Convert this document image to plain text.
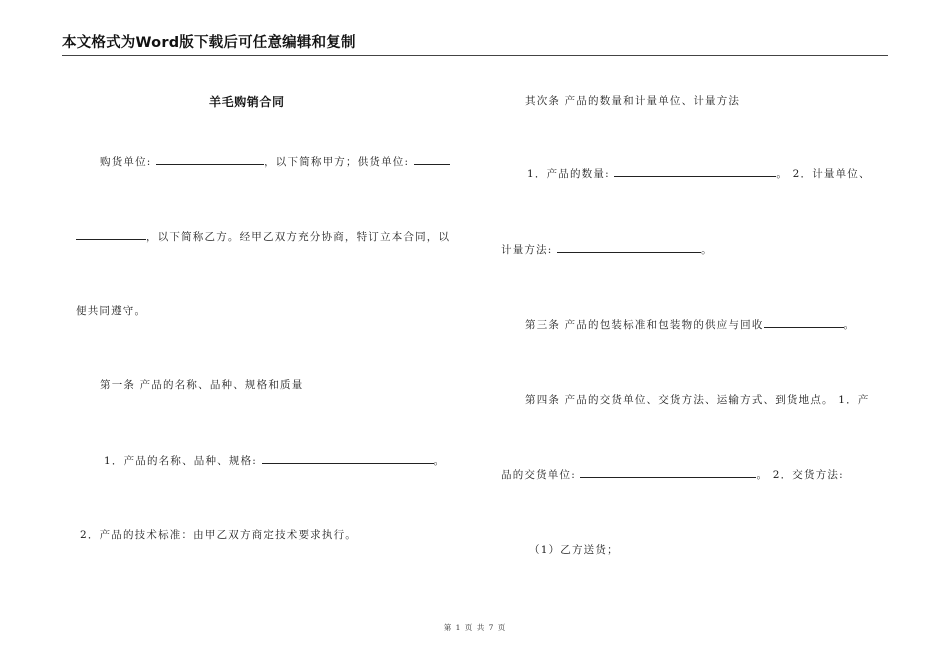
本文格式为Word版下载后可任意编辑和复制
羊毛购销合同
购货单位:	，以下简称甲方；供货单位:
，以下简称乙方。经甲乙双方充分协商，特订立本合同，以
便共同遵守。
第一条 产品的名称、品种、规格和质量
1．产品的名称、品种、规格:	。
2．产品的技术标准：由甲乙双方商定技术要求执行。
其次条 产品的数量和计量单位、计量方法
1．产品的数量:	。 2．计量单位、
计量方法:	。
第三条 产品的包装标准和包装物的供应与回收	。
第四条 产品的交货单位、交货方法、运输方式、到货地点。 1．产
品的交货单位:	。 2．交货方法:
（1）乙方送货；
第 1 页 共 7 页
